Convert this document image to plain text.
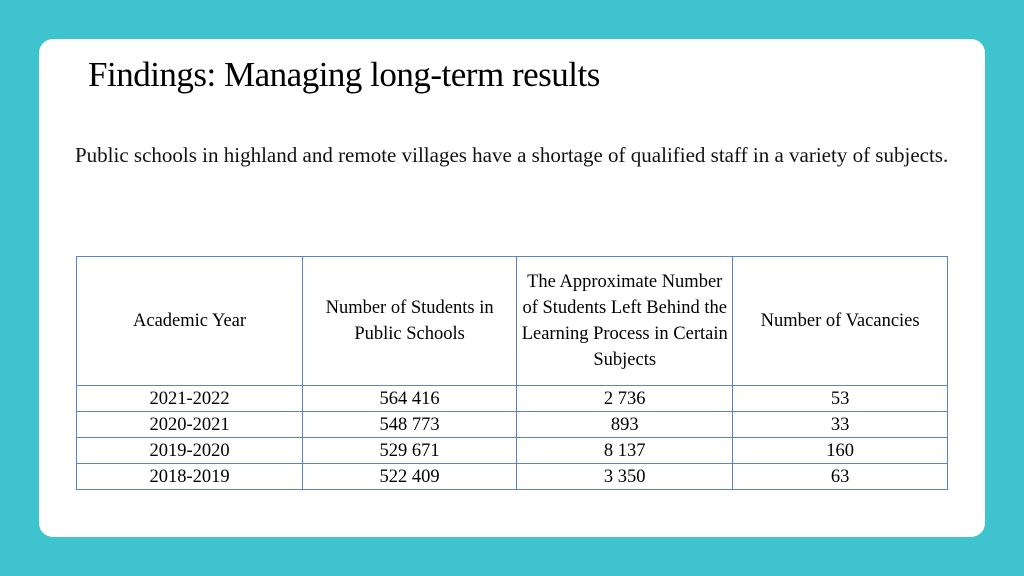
Findings: Managing long-term results

Public schools in highland and remote villages have a shortage of qualified staff in a variety of subjects.

Academic Year	Number of Students in Public Schools	The Approximate Number of Students Left Behind the Learning Process in Certain Subjects	Number of Vacancies
2021-2022	564 416	2 736	53
2020-2021	548 773	893	33
2019-2020	529 671	8 137	160
2018-2019	522 409	3 350	63
